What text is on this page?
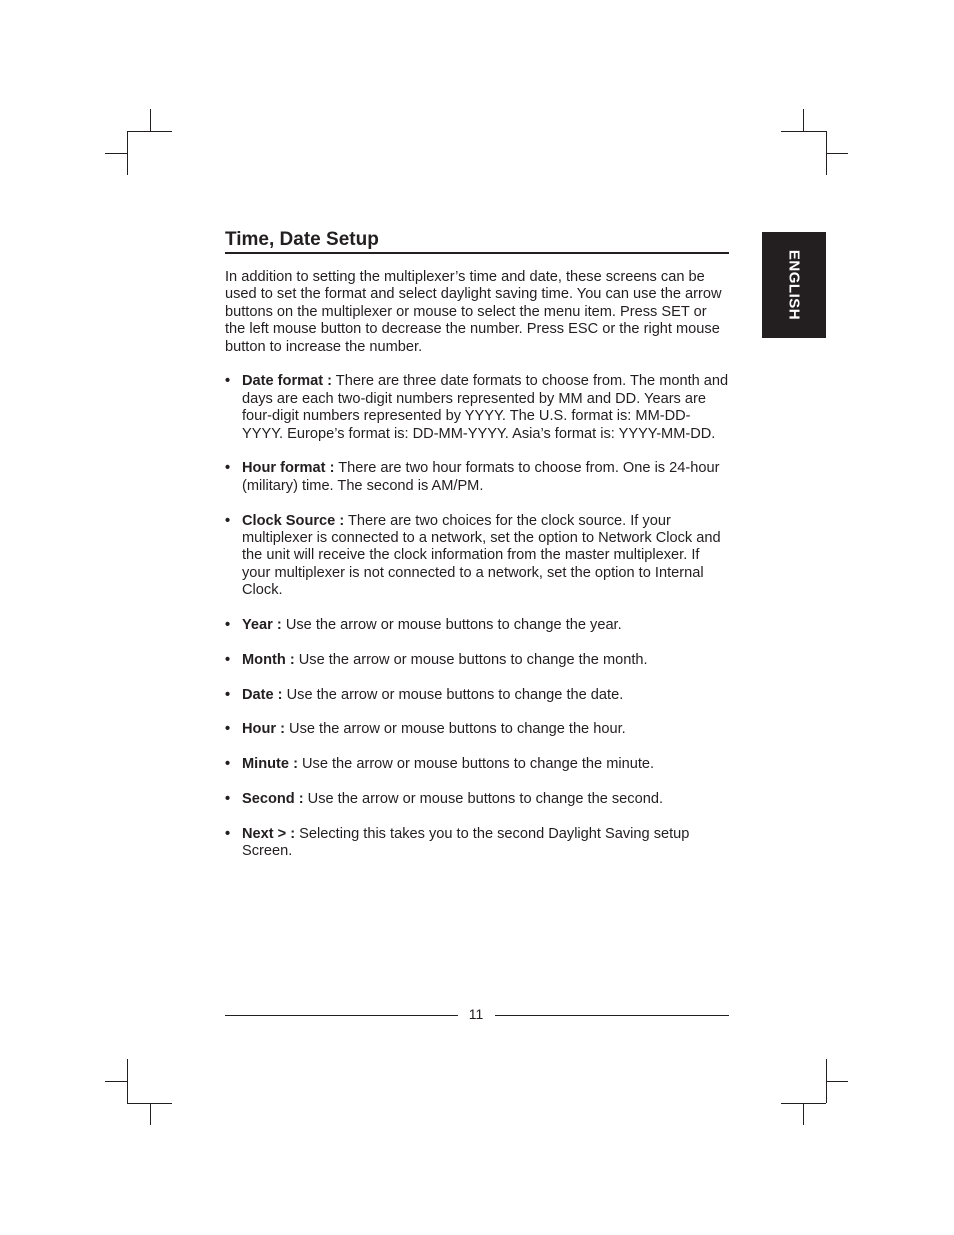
ENGLISH
Time, Date Setup

In addition to setting the multiplexer’s time and date, these screens can be used to set the format and select daylight saving time. You can use the arrow buttons on the multiplexer or mouse to select the menu item. Press SET or the left mouse button to decrease the number. Press ESC or the right mouse button to increase the number.

• Date format : There are three date formats to choose from. The month and days are each two-digit numbers represented by MM and DD. Years are four-digit numbers represented by YYYY. The U.S. format is: MM-DD-YYYY. Europe’s format is: DD-MM-YYYY. Asia’s format is: YYYY-MM-DD.
• Hour format : There are two hour formats to choose from. One is 24-hour (military) time. The second is AM/PM.
• Clock Source : There are two choices for the clock source. If your multiplexer is connected to a network, set the option to Network Clock and the unit will receive the clock information from the master multiplexer. If your multiplexer is not connected to a network, set the option to Internal Clock.
• Year : Use the arrow or mouse buttons to change the year.
• Month : Use the arrow or mouse buttons to change the month.
• Date : Use the arrow or mouse buttons to change the date.
• Hour : Use the arrow or mouse buttons to change the hour.
• Minute : Use the arrow or mouse buttons to change the minute.
• Second : Use the arrow or mouse buttons to change the second.
• Next > : Selecting this takes you to the second Daylight Saving setup Screen.
11
